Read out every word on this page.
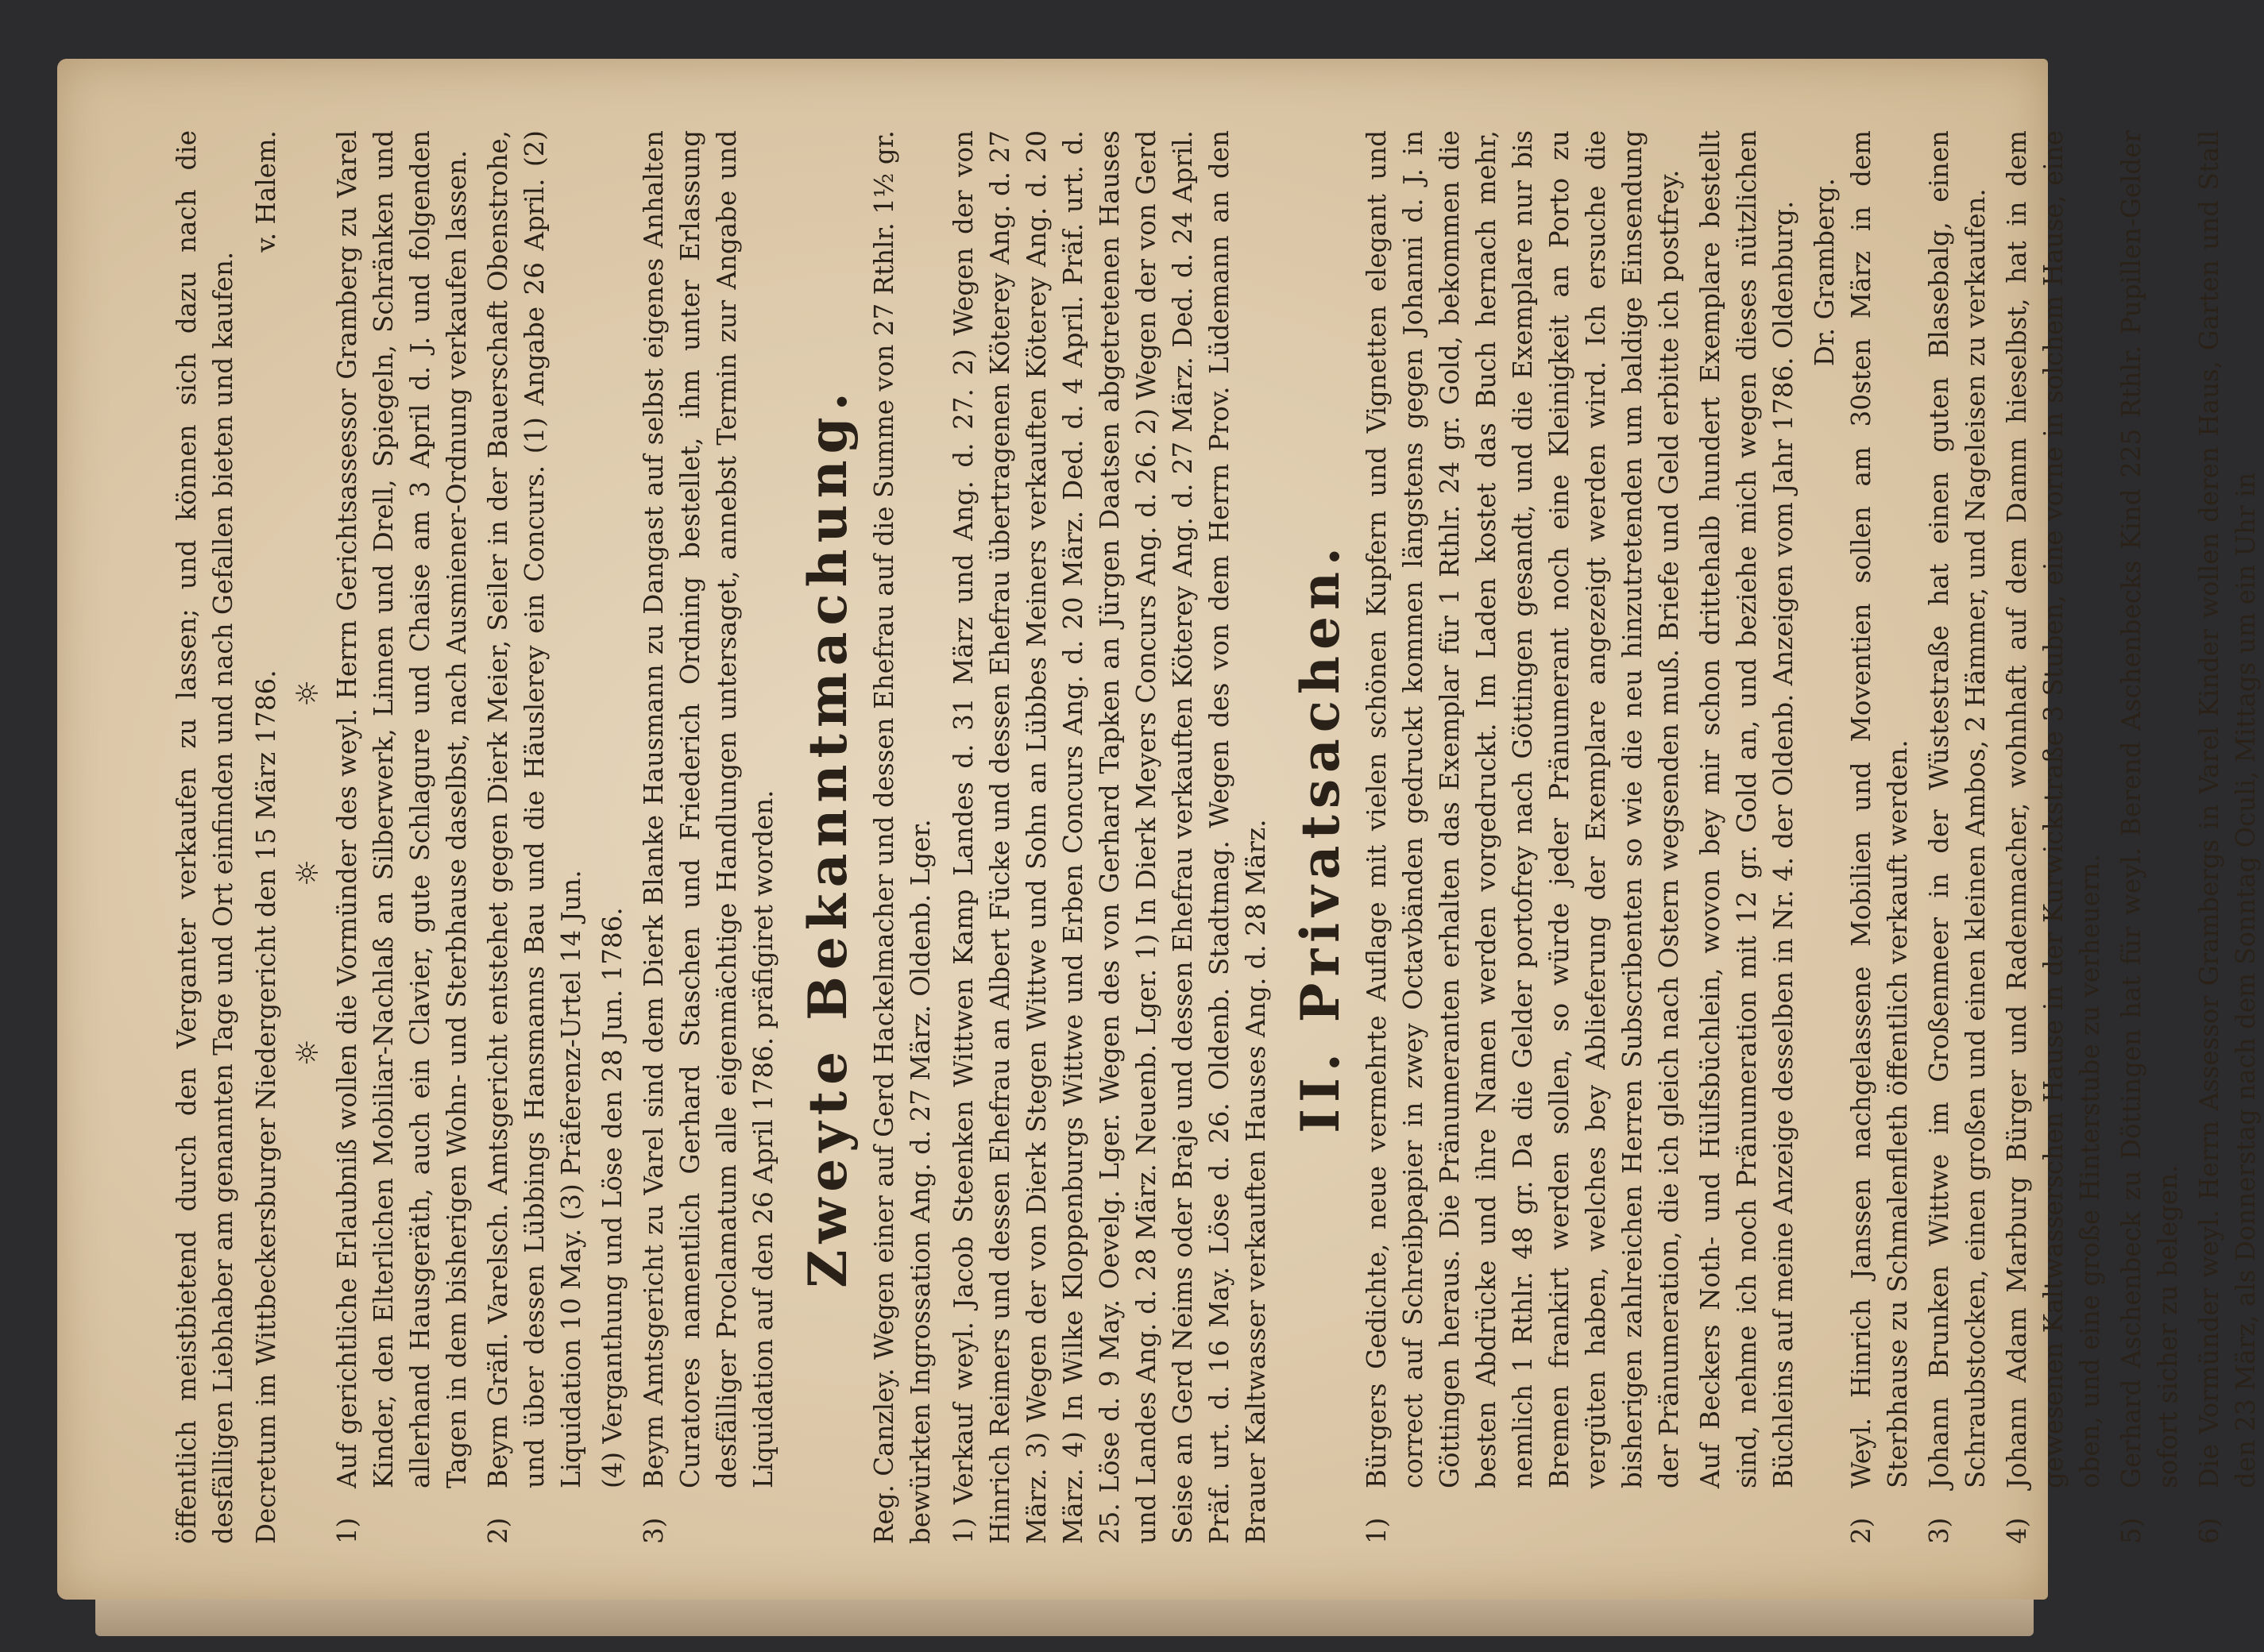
öffentlich meistbietend durch den Verganter verkaufen zu lassen; und können sich dazu nach die desfälligen Liebhaber am genannten Tage und Ort einfinden und nach Gefallen bieten und kaufen. Decretum im Wittbeckersburger Niedergericht den 15 März 1786.
v. Halem.
☼ ☼ ☼
1)
Auf gerichtliche Erlaubniß wollen die Vormünder des weyl. Herrn Gerichtsassessor Gramberg zu Varel Kinder, den Elterlichen Mobiliar-Nachlaß an Silberwerk, Linnen und Drell, Spiegeln, Schränken und allerhand Hausgeräth, auch ein Clavier, gute Schlagure und Chaise am 3 April d. J. und folgenden Tagen in dem bisherigen Wohn- und Sterbhause daselbst, nach Ausmiener-Ordnung verkaufen lassen.
2)
Beym Gräfl. Varelsch. Amtsgericht entstehet gegen Dierk Meier, Seiler in der Bauerschaft Obenstrohe, und über dessen Lübbings Hansmanns Bau und die Häuslerey ein Concurs. (1) Angabe 26 April. (2) Liquidation 10 May. (3) Präferenz-Urtel 14 Jun. (4) Verganthung und Löse den 28 Jun. 1786.
3)
Beym Amtsgericht zu Varel sind dem Dierk Blanke Hausmann zu Dangast auf selbst eigenes Anhalten Curatores namentlich Gerhard Staschen und Friederich Ordning bestellet, ihm unter Erlassung desfälliger Proclamatum alle eigenmächtige Handlungen untersaget, annebst Termin zur Angabe und Liquidation auf den 26 April 1786. präfigiret worden. Zweyte Bekanntmachung. Reg. Canzley. Wegen einer auf Gerd Hackelmacher und dessen Ehefrau auf die Summe von 27 Rthlr. 1½ gr. bewürkten Ingrossation Ang. d. 27 März. Oldenb. Lger. 1) Verkauf weyl. Jacob Steenken Wittwen Kamp Landes d. 31 März und Ang. d. 27. 2) Wegen der von Hinrich Reimers und dessen Ehefrau an Albert Fücke und dessen Ehefrau übertragenen Köterey Ang. d. 27 März. 3) Wegen der von Dierk Stegen Wittwe und Sohn an Lübbes Meiners verkauften Köterey Ang. d. 20 März. 4) In Wilke Kloppenburgs Wittwe und Erben Concurs Ang. d. 20 März. Ded. d. 4 April. Präf. urt. d. 25. Löse d. 9 May. Oevelg. Lger. Wegen des von Gerhard Tapken an Jürgen Daatsen abgetretenen Hauses und Landes Ang. d. 28 März. Neuenb. Lger. 1) In Dierk Meyers Concurs Ang. d. 26. 2) Wegen der von Gerd Seise an Gerd Neims oder Braje und dessen Ehefrau verkauften Köterey Ang. d. 27 März. Ded. d. 24 April. Präf. urt. d. 16 May. Löse d. 26. Oldenb. Stadtmag. Wegen des von dem Herrn Prov. Lüdemann an den Brauer Kaltwasser verkauften Hauses Ang. d. 28 März. II. Privatsachen.
1)
Bürgers Gedichte, neue vermehrte Auflage mit vielen schönen Kupfern und Vignetten elegant und correct auf Schreibpapier in zwey Octavbänden gedruckt kommen längstens gegen Johanni d. J. in Göttingen heraus. Die Pränumeranten erhalten das Exemplar für 1 Rthlr. 24 gr. Gold, bekommen die besten Abdrücke und ihre Namen werden vorgedruckt. Im Laden kostet das Buch hernach mehr, nemlich 1 Rthlr. 48 gr. Da die Gelder portofrey nach Göttingen gesandt, und die Exemplare nur bis Bremen frankirt werden sollen, so würde jeder Pränumerant noch eine Kleinigkeit an Porto zu vergüten haben, welches bey Ablieferung der Exemplare angezeigt werden wird. Ich ersuche die bisherigen zahlreichen Herren Subscribenten so wie die neu hinzutretenden um baldige Einsendung der Pränumeration, die ich gleich nach Ostern wegsenden muß. Briefe und Geld erbitte ich postfrey. Auf Beckers Noth- und Hülfsbüchlein, wovon bey mir schon drittehalb hundert Exemplare bestellt sind, nehme ich noch Pränumeration mit 12 gr. Gold an, und beziehe mich wegen dieses nützlichen Büchleins auf meine Anzeige desselben in Nr. 4. der Oldenb. Anzeigen vom Jahr 1786. Oldenburg. Dr. Gramberg.
2)
Weyl. Hinrich Janssen nachgelassene Mobilien und Moventien sollen am 30sten März in dem Sterbhause zu Schmalenfleth öffentlich verkauft werden.
3)
Johann Brunken Wittwe im Großenmeer in der Wüstestraße hat einen guten Blasebalg, einen Schraubstocken, einen großen und einen kleinen Ambos, 2 Hämmer, und Nageleisen zu verkaufen.
4)
Johann Adam Marburg Bürger und Radenmacher, wohnhaft auf dem Damm hieselbst, hat in dem gewesenen Kaltwasserschen Hause in der Kurwickstraße 3 Stuben, eine vorne in solchem Hause, eine oben, und eine große Hinterstube zu verheuern.
5)
Gerhard Aschenbeck zu Döttingen hat für weyl. Berend Aschenbecks Kind 225 Rthlr. Pupillen-Gelder sofort sicher zu belegen.
6)
Die Vormünder weyl. Herrn Assessor Grambergs in Varel Kinder wollen deren Haus, Garten und Stall den 23 März, als Donnerstag nach dem Sonntag Oculi, Mittags um ein Uhr in
